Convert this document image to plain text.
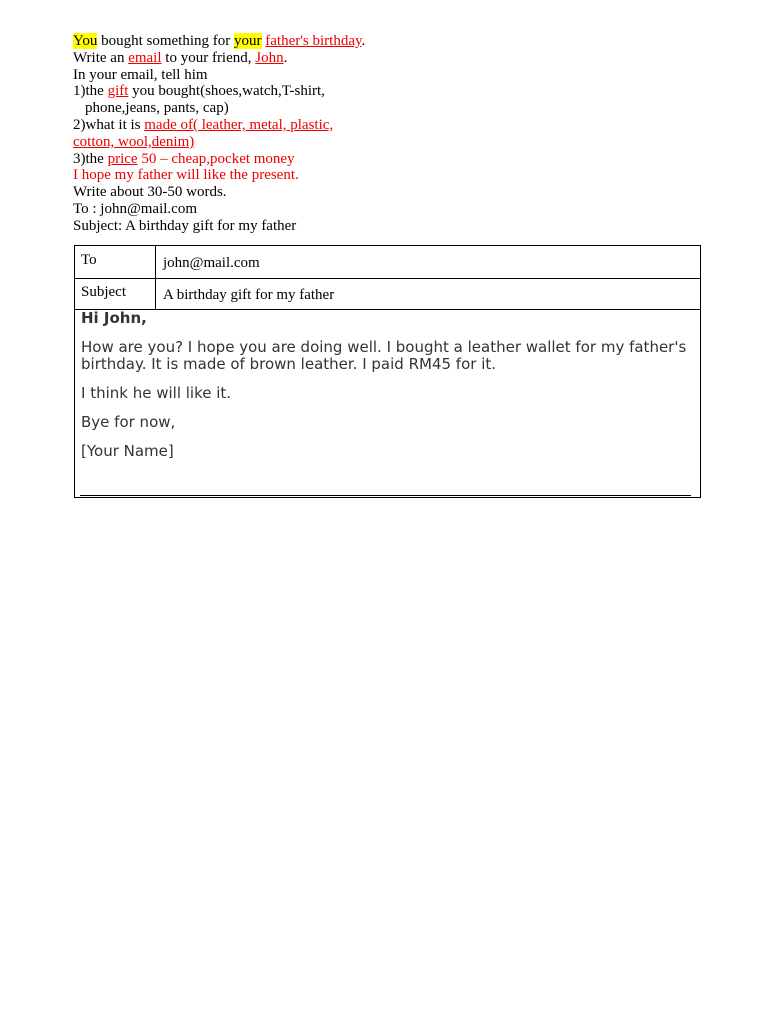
You bought something for your father's birthday.
Write an email to your friend, John.
In your email, tell him
1)the gift you bought(shoes,watch,T-shirt,
phone,jeans, pants, cap)
2)what it is made of( leather, metal, plastic,
cotton, wool,denim)
3)the price 50 – cheap,pocket money
I hope my father will like the present.
Write about 30-50 words.
To : john@mail.com
Subject: A birthday gift for my father
To	john@mail.com
Subject	A birthday gift for my father
Hi John,
How are you? I hope you are doing well. I bought a leather wallet for my father's birthday. It is made of brown leather. I paid RM45 for it.
I think he will like it.
Bye for now,
[Your Name]
